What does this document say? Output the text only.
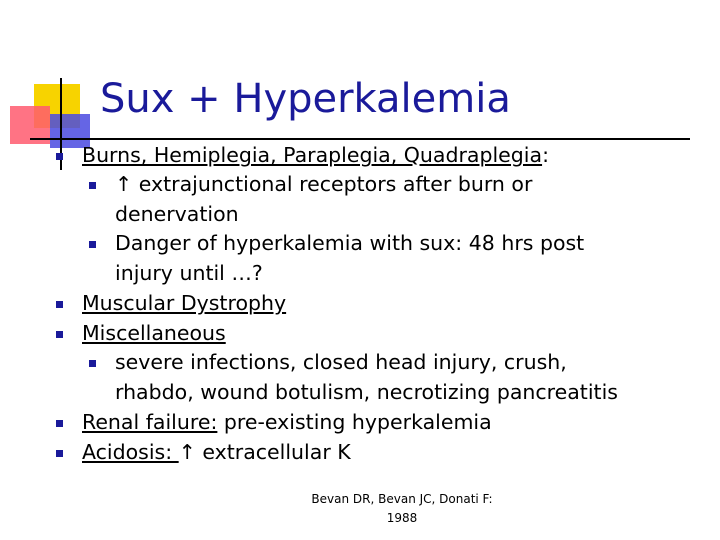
Sux + Hyperkalemia
Burns, Hemiplegia, Paraplegia, Quadraplegia:
↑ extrajunctional receptors after burn or
denervation
Danger of hyperkalemia with sux: 48 hrs post
injury until …?
Muscular Dystrophy
Miscellaneous
severe infections, closed head injury, crush,
rhabdo, wound botulism, necrotizing pancreatitis
Renal failure: pre-existing hyperkalemia
Acidosis: ↑ extracellular K
Bevan DR, Bevan JC, Donati F:
1988
